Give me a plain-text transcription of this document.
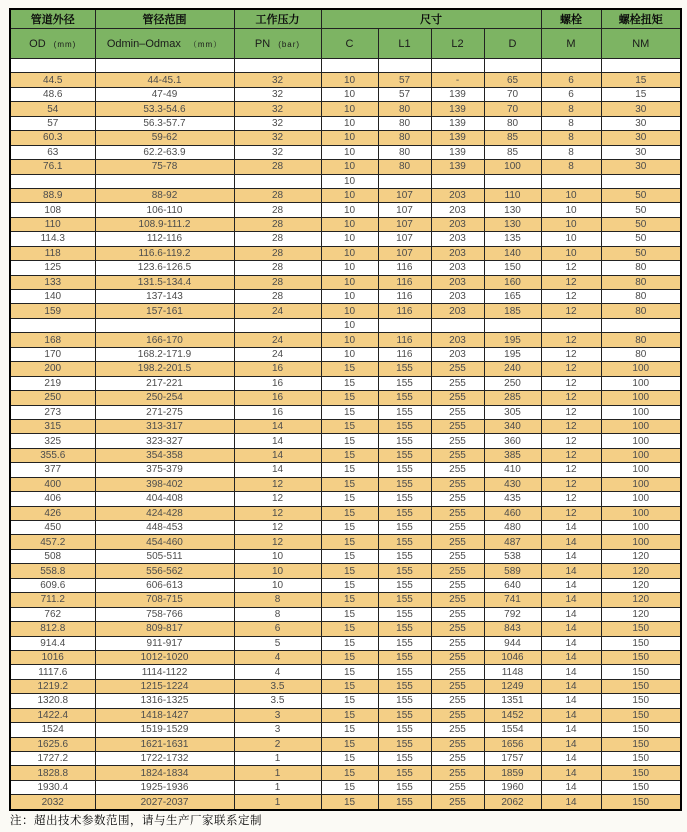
管道外径	管径范围	工作压力	尺寸				螺栓	螺栓扭矩
OD (mm)	Odmin–Odmax （mm）	PN (bar)	C	L1	L2	D	M	NM

44.5	44-45.1	32	10	57	-	65	6	15
48.6	47-49	32	10	57	139	70	6	15
54	53.3-54.6	32	10	80	139	70	8	30
57	56.3-57.7	32	10	80	139	80	8	30
60.3	59-62	32	10	80	139	85	8	30
63	62.2-63.9	32	10	80	139	85	8	30
76.1	75-78	28	10	80	139	100	8	30
			10					
88.9	88-92	28	10	107	203	110	10	50
108	106-110	28	10	107	203	130	10	50
110	108.9-111.2	28	10	107	203	130	10	50
114.3	112-116	28	10	107	203	135	10	50
118	116.6-119.2	28	10	107	203	140	10	50
125	123.6-126.5	28	10	116	203	150	12	80
133	131.5-134.4	28	10	116	203	160	12	80
140	137-143	28	10	116	203	165	12	80
159	157-161	24	10	116	203	185	12	80
			10					
168	166-170	24	10	116	203	195	12	80
170	168.2-171.9	24	10	116	203	195	12	80
200	198.2-201.5	16	15	155	255	240	12	100
219	217-221	16	15	155	255	250	12	100
250	250-254	16	15	155	255	285	12	100
273	271-275	16	15	155	255	305	12	100
315	313-317	14	15	155	255	340	12	100
325	323-327	14	15	155	255	360	12	100
355.6	354-358	14	15	155	255	385	12	100
377	375-379	14	15	155	255	410	12	100
400	398-402	12	15	155	255	430	12	100
406	404-408	12	15	155	255	435	12	100
426	424-428	12	15	155	255	460	12	100
450	448-453	12	15	155	255	480	14	100
457.2	454-460	12	15	155	255	487	14	100
508	505-511	10	15	155	255	538	14	120
558.8	556-562	10	15	155	255	589	14	120
609.6	606-613	10	15	155	255	640	14	120
711.2	708-715	8	15	155	255	741	14	120
762	758-766	8	15	155	255	792	14	120
812.8	809-817	6	15	155	255	843	14	150
914.4	911-917	5	15	155	255	944	14	150
1016	1012-1020	4	15	155	255	1046	14	150
1117.6	1114-1122	4	15	155	255	1148	14	150
1219.2	1215-1224	3.5	15	155	255	1249	14	150
1320.8	1316-1325	3.5	15	155	255	1351	14	150
1422.4	1418-1427	3	15	155	255	1452	14	150
1524	1519-1529	3	15	155	255	1554	14	150
1625.6	1621-1631	2	15	155	255	1656	14	150
1727.2	1722-1732	1	15	155	255	1757	14	150
1828.8	1824-1834	1	15	155	255	1859	14	150
1930.4	1925-1936	1	15	155	255	1960	14	150
2032	2027-2037	1	15	155	255	2062	14	150
注：超出技术参数范围，请与生产厂家联系定制
